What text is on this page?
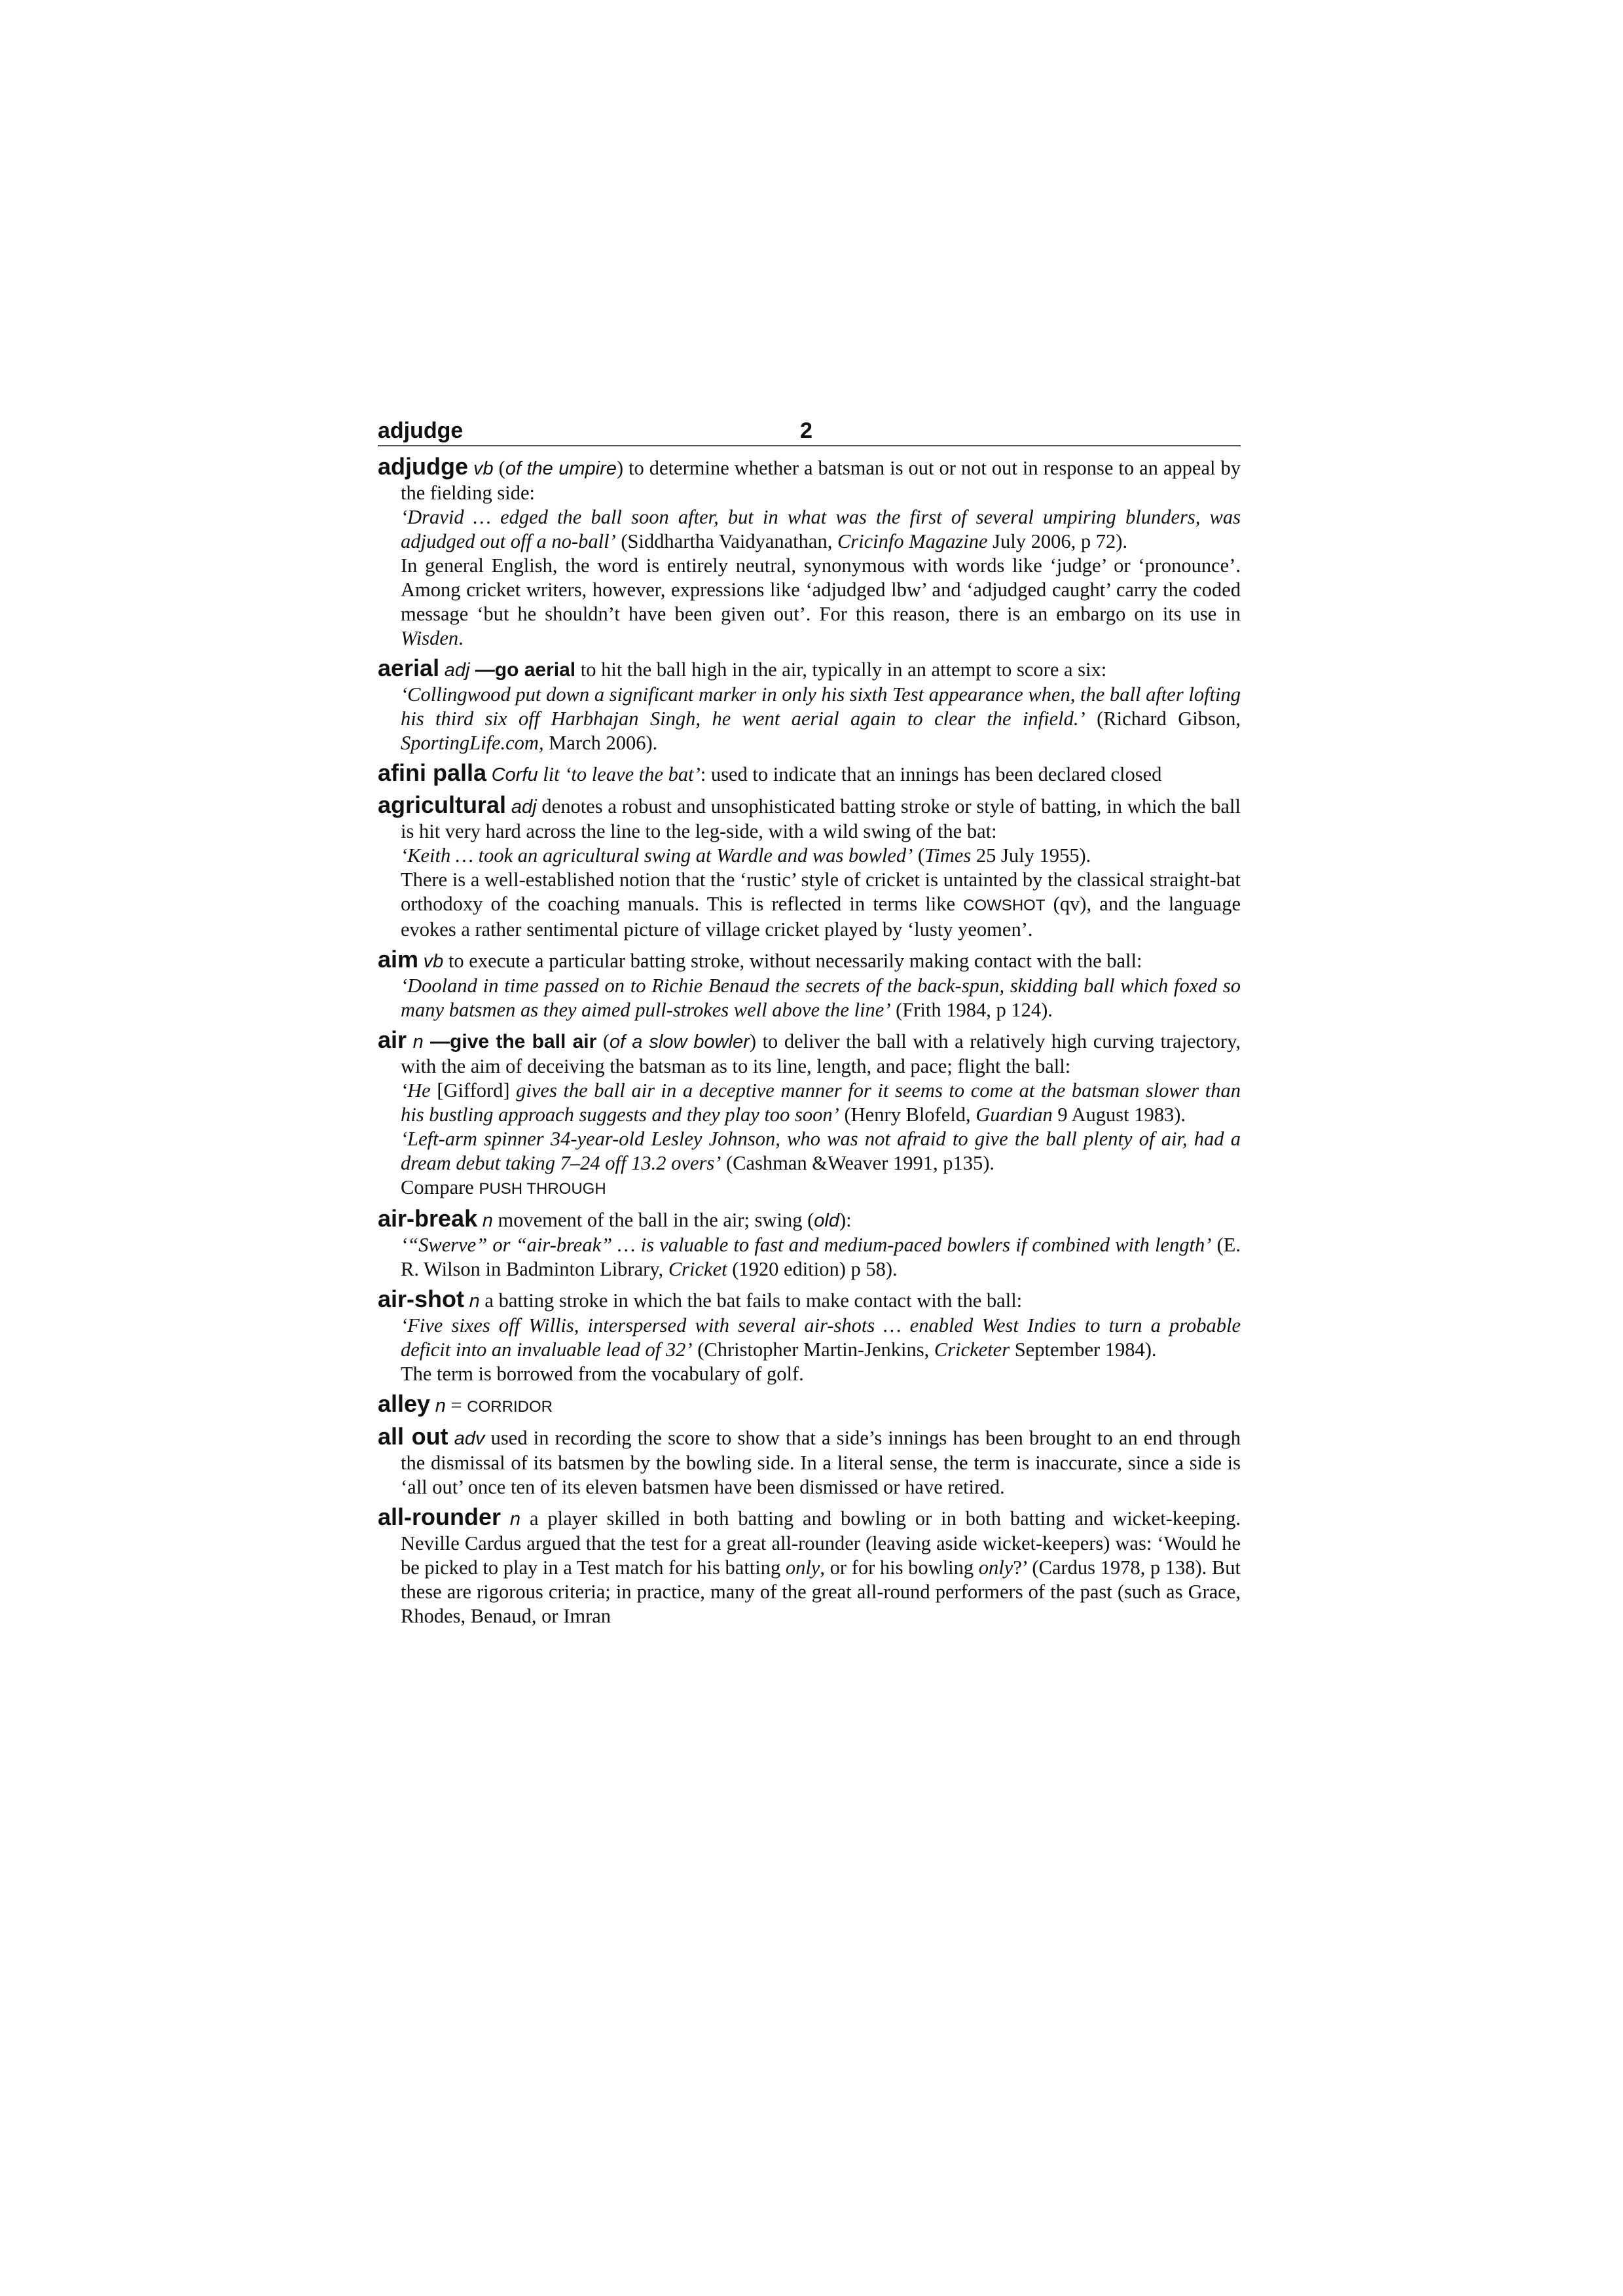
adjudge	2
adjudge vb (of the umpire) to determine whether a batsman is out or not out in response to an appeal by the fielding side:
‘Dravid … edged the ball soon after, but in what was the first of several umpiring blunders, was adjudged out off a no-ball’ (Siddhartha Vaidyanathan, Cricinfo Magazine July 2006, p 72).
In general English, the word is entirely neutral, synonymous with words like ‘judge’ or ‘pronounce’. Among cricket writers, however, expressions like ‘adjudged lbw’ and ‘adjudged caught’ carry the coded message ‘but he shouldn’t have been given out’. For this reason, there is an embargo on its use in Wisden.
aerial adj —go aerial to hit the ball high in the air, typically in an attempt to score a six:
‘Collingwood put down a significant marker in only his sixth Test appearance when, the ball after lofting his third six off Harbhajan Singh, he went aerial again to clear the infield.’ (Richard Gibson, SportingLife.com, March 2006).
afini palla Corfu lit ‘to leave the bat’: used to indicate that an innings has been declared closed
agricultural adj denotes a robust and unsophisticated batting stroke or style of batting, in which the ball is hit very hard across the line to the leg-side, with a wild swing of the bat:
‘Keith … took an agricultural swing at Wardle and was bowled’ (Times 25 July 1955).
There is a well-established notion that the ‘rustic’ style of cricket is untainted by the classical straight-bat orthodoxy of the coaching manuals. This is reflected in terms like COWSHOT (qv), and the language evokes a rather sentimental picture of village cricket played by ‘lusty yeomen’.
aim vb to execute a particular batting stroke, without necessarily making contact with the ball:
‘Dooland in time passed on to Richie Benaud the secrets of the back-spun, skidding ball which foxed so many batsmen as they aimed pull-strokes well above the line’ (Frith 1984, p 124).
air n —give the ball air (of a slow bowler) to deliver the ball with a relatively high curving trajectory, with the aim of deceiving the batsman as to its line, length, and pace; flight the ball:
‘He [Gifford] gives the ball air in a deceptive manner for it seems to come at the batsman slower than his bustling approach suggests and they play too soon’ (Henry Blofeld, Guardian 9 August 1983).
‘Left-arm spinner 34-year-old Lesley Johnson, who was not afraid to give the ball plenty of air, had a dream debut taking 7–24 off 13.2 overs’ (Cashman &Weaver 1991, p135).
Compare PUSH THROUGH
air-break n movement of the ball in the air; swing (old):
‘“Swerve” or “air-break” … is valuable to fast and medium-paced bowlers if combined with length’ (E. R. Wilson in Badminton Library, Cricket (1920 edition) p 58).
air-shot n a batting stroke in which the bat fails to make contact with the ball:
‘Five sixes off Willis, interspersed with several air-shots … enabled West Indies to turn a probable deficit into an invaluable lead of 32’ (Christopher Martin-Jenkins, Cricketer September 1984).
The term is borrowed from the vocabulary of golf.
alley n = CORRIDOR
all out adv used in recording the score to show that a side’s innings has been brought to an end through the dismissal of its batsmen by the bowling side. In a literal sense, the term is inaccurate, since a side is ‘all out’ once ten of its eleven batsmen have been dismissed or have retired.
all-rounder n a player skilled in both batting and bowling or in both batting and wicket-keeping. Neville Cardus argued that the test for a great all-rounder (leaving aside wicket-keepers) was: ‘Would he be picked to play in a Test match for his batting only, or for his bowling only?’ (Cardus 1978, p 138). But these are rigorous criteria; in practice, many of the great all-round performers of the past (such as Grace, Rhodes, Benaud, or Imran
